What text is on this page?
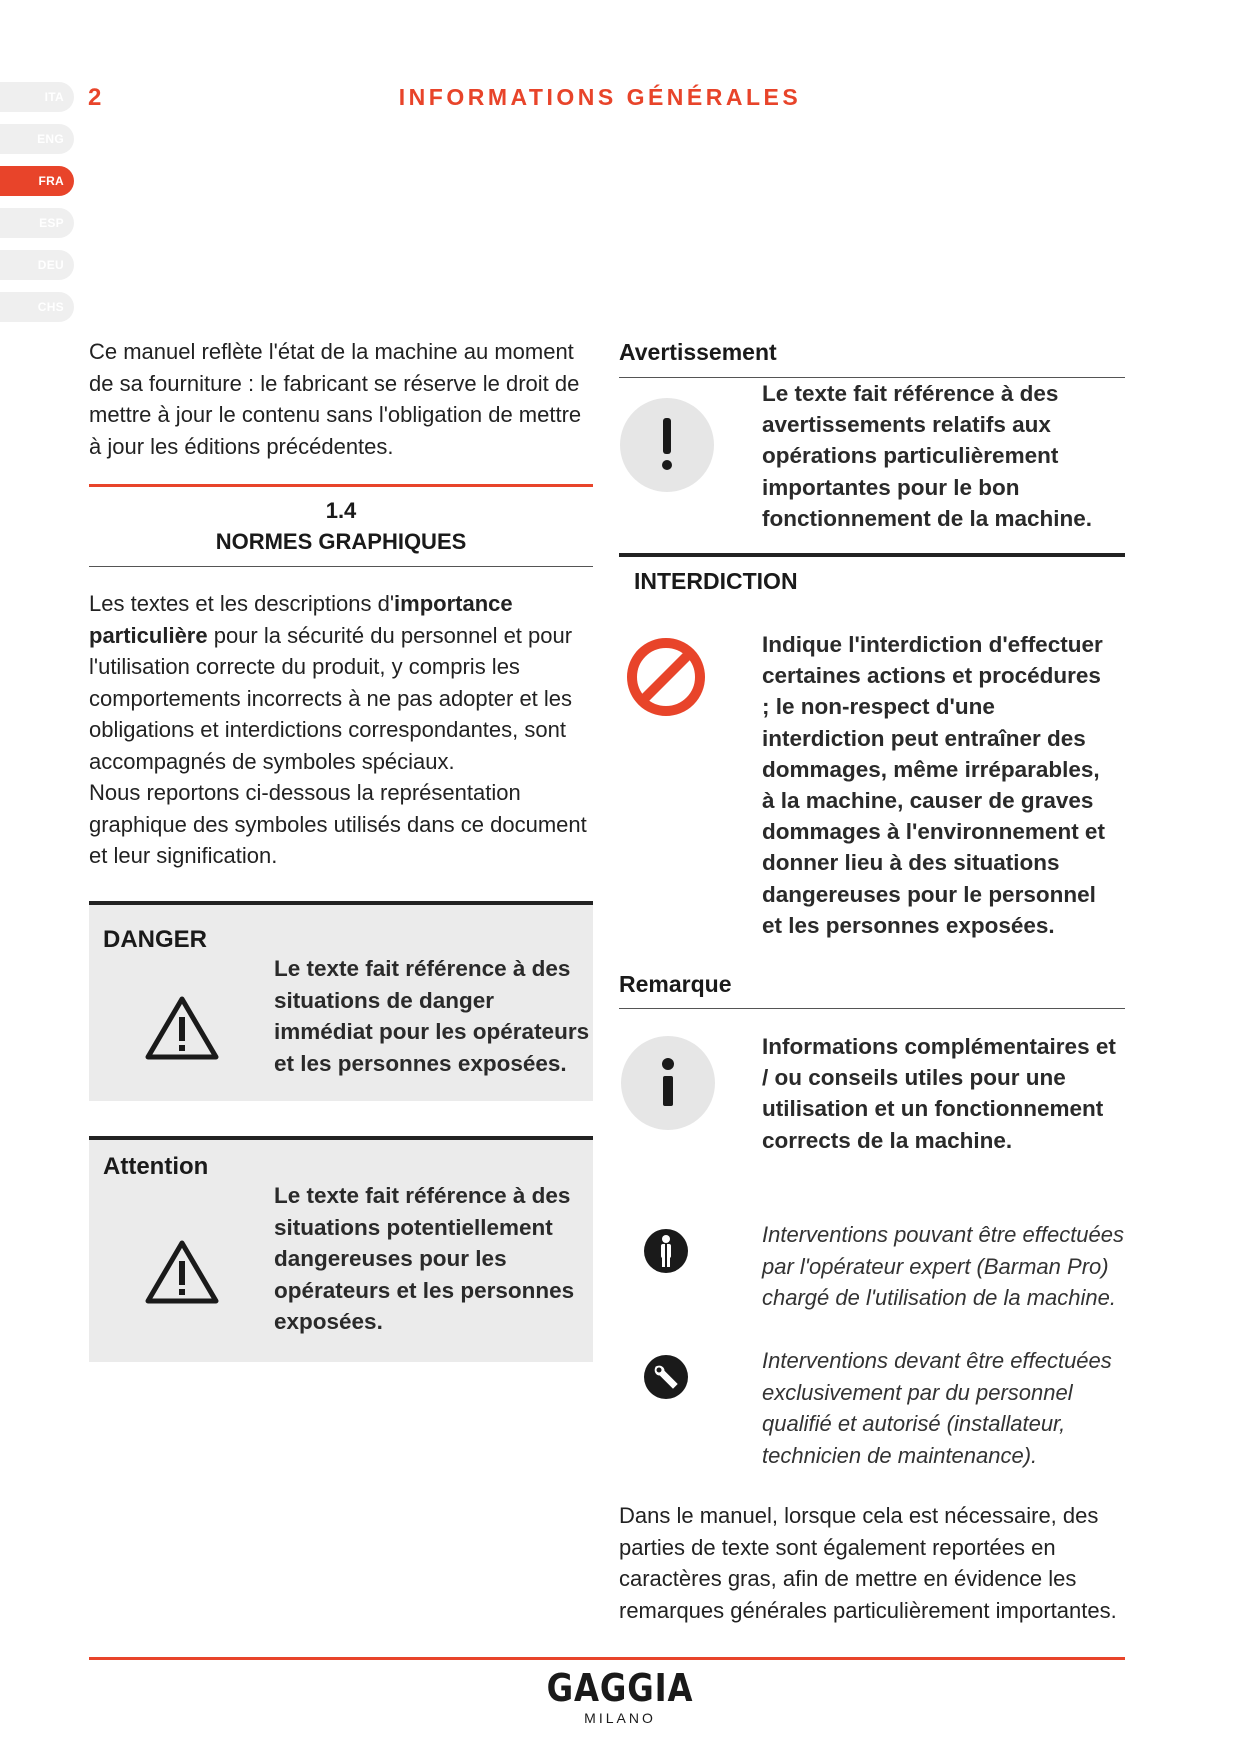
ITA
ENG
FRA
ESP
DEU
CHS
2	INFORMATIONS GÉNÉRALES
Ce manuel reflète l'état de la machine au moment de sa fourniture : le fabricant se réserve le droit de mettre à jour le contenu sans l'obligation de mettre à jour les éditions précédentes.
1.4
NORMES GRAPHIQUES
Les textes et les descriptions d'importance particulière pour la sécurité du personnel et pour l'utilisation correcte du produit, y compris les comportements incorrects à ne pas adopter et les obligations et interdictions correspondantes, sont accompagnés de symboles spéciaux.
Nous reportons ci-dessous la représentation graphique des symboles utilisés dans ce document et leur signification.
DANGER
Le texte fait référence à des situations de danger immédiat pour les opérateurs et les personnes exposées.
Attention
Le texte fait référence à des situations potentiellement dangereuses pour les opérateurs et les personnes exposées.
Avertissement
Le texte fait référence à des avertissements relatifs aux opérations particulièrement importantes pour le bon fonctionnement de la machine.
INTERDICTION
Indique l'interdiction d'effectuer certaines actions et procédures ; le non-respect d'une interdiction peut entraîner des dommages, même irréparables, à la machine, causer de graves dommages à l'environnement et donner lieu à des situations dangereuses pour le personnel et les personnes exposées.
Remarque
Informations complémentaires et / ou conseils utiles pour une utilisation et un fonctionnement corrects de la machine.
Interventions pouvant être effectuées par l'opérateur expert (Barman Pro) chargé de l'utilisation de la machine.
Interventions devant être effectuées exclusivement par du personnel qualifié et autorisé (installateur, technicien de maintenance).
Dans le manuel, lorsque cela est nécessaire, des parties de texte sont également reportées en caractères gras, afin de mettre en évidence les remarques générales particulièrement importantes.
GAGGIA
MILANO
